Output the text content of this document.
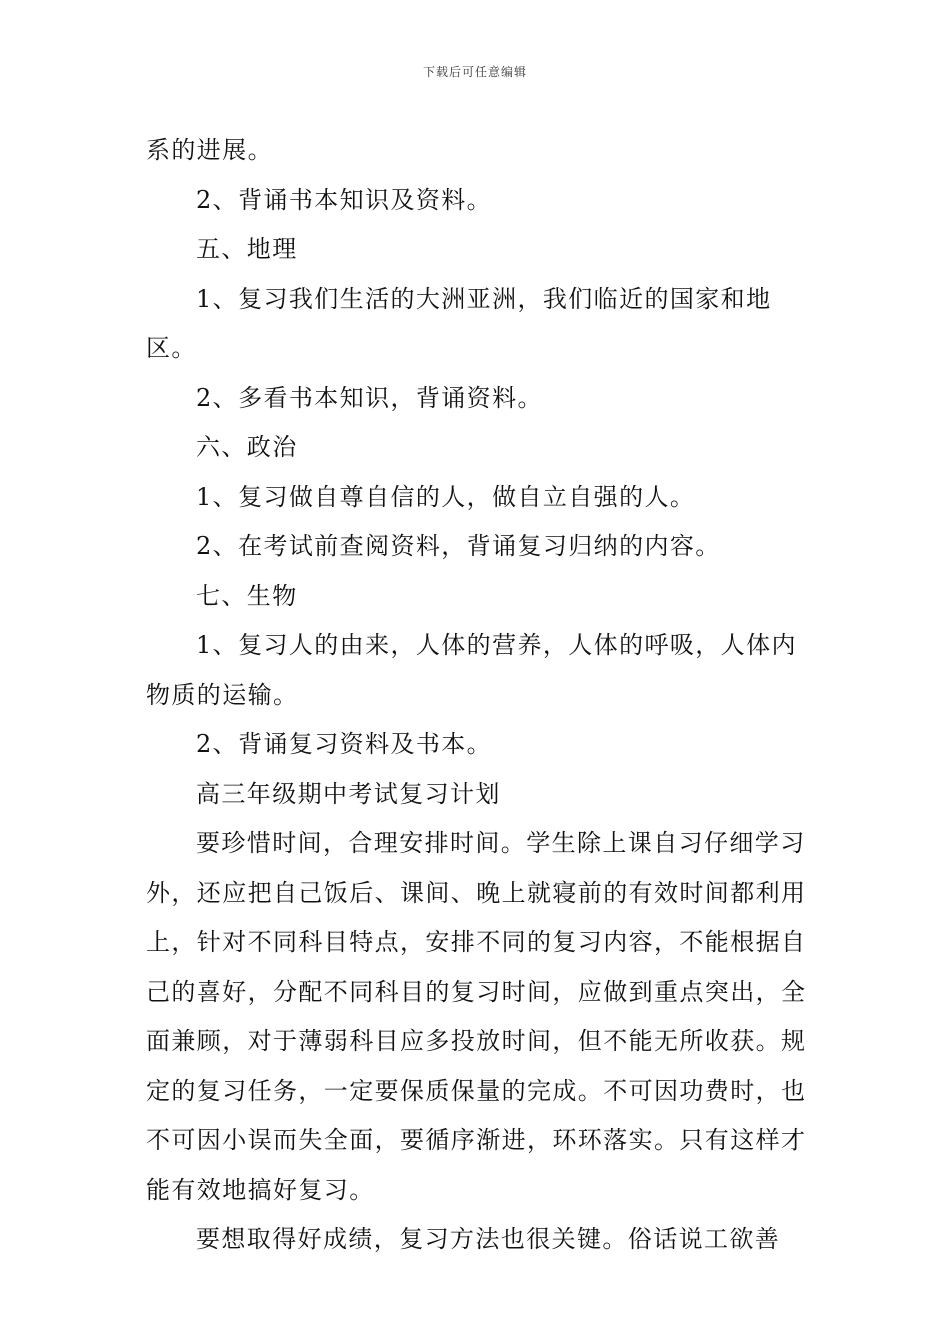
下载后可任意编辑

系的进展。

2、背诵书本知识及资料。

五、地理

1、复习我们生活的大洲亚洲，我们临近的国家和地区。

2、多看书本知识，背诵资料。

六、政治

1、复习做自尊自信的人，做自立自强的人。

2、在考试前查阅资料，背诵复习归纳的内容。

七、生物

1、复习人的由来，人体的营养，人体的呼吸，人体内物质的运输。

2、背诵复习资料及书本。

高三年级期中考试复习计划

要珍惜时间，合理安排时间。学生除上课自习仔细学习外，还应把自己饭后、课间、晚上就寝前的有效时间都利用上，针对不同科目特点，安排不同的复习内容，不能根据自己的喜好，分配不同科目的复习时间，应做到重点突出，全面兼顾，对于薄弱科目应多投放时间，但不能无所收获。规定的复习任务，一定要保质保量的完成。不可因功费时，也不可因小误而失全面，要循序渐进，环环落实。只有这样才能有效地搞好复习。

要想取得好成绩，复习方法也很关键。俗话说工欲善
